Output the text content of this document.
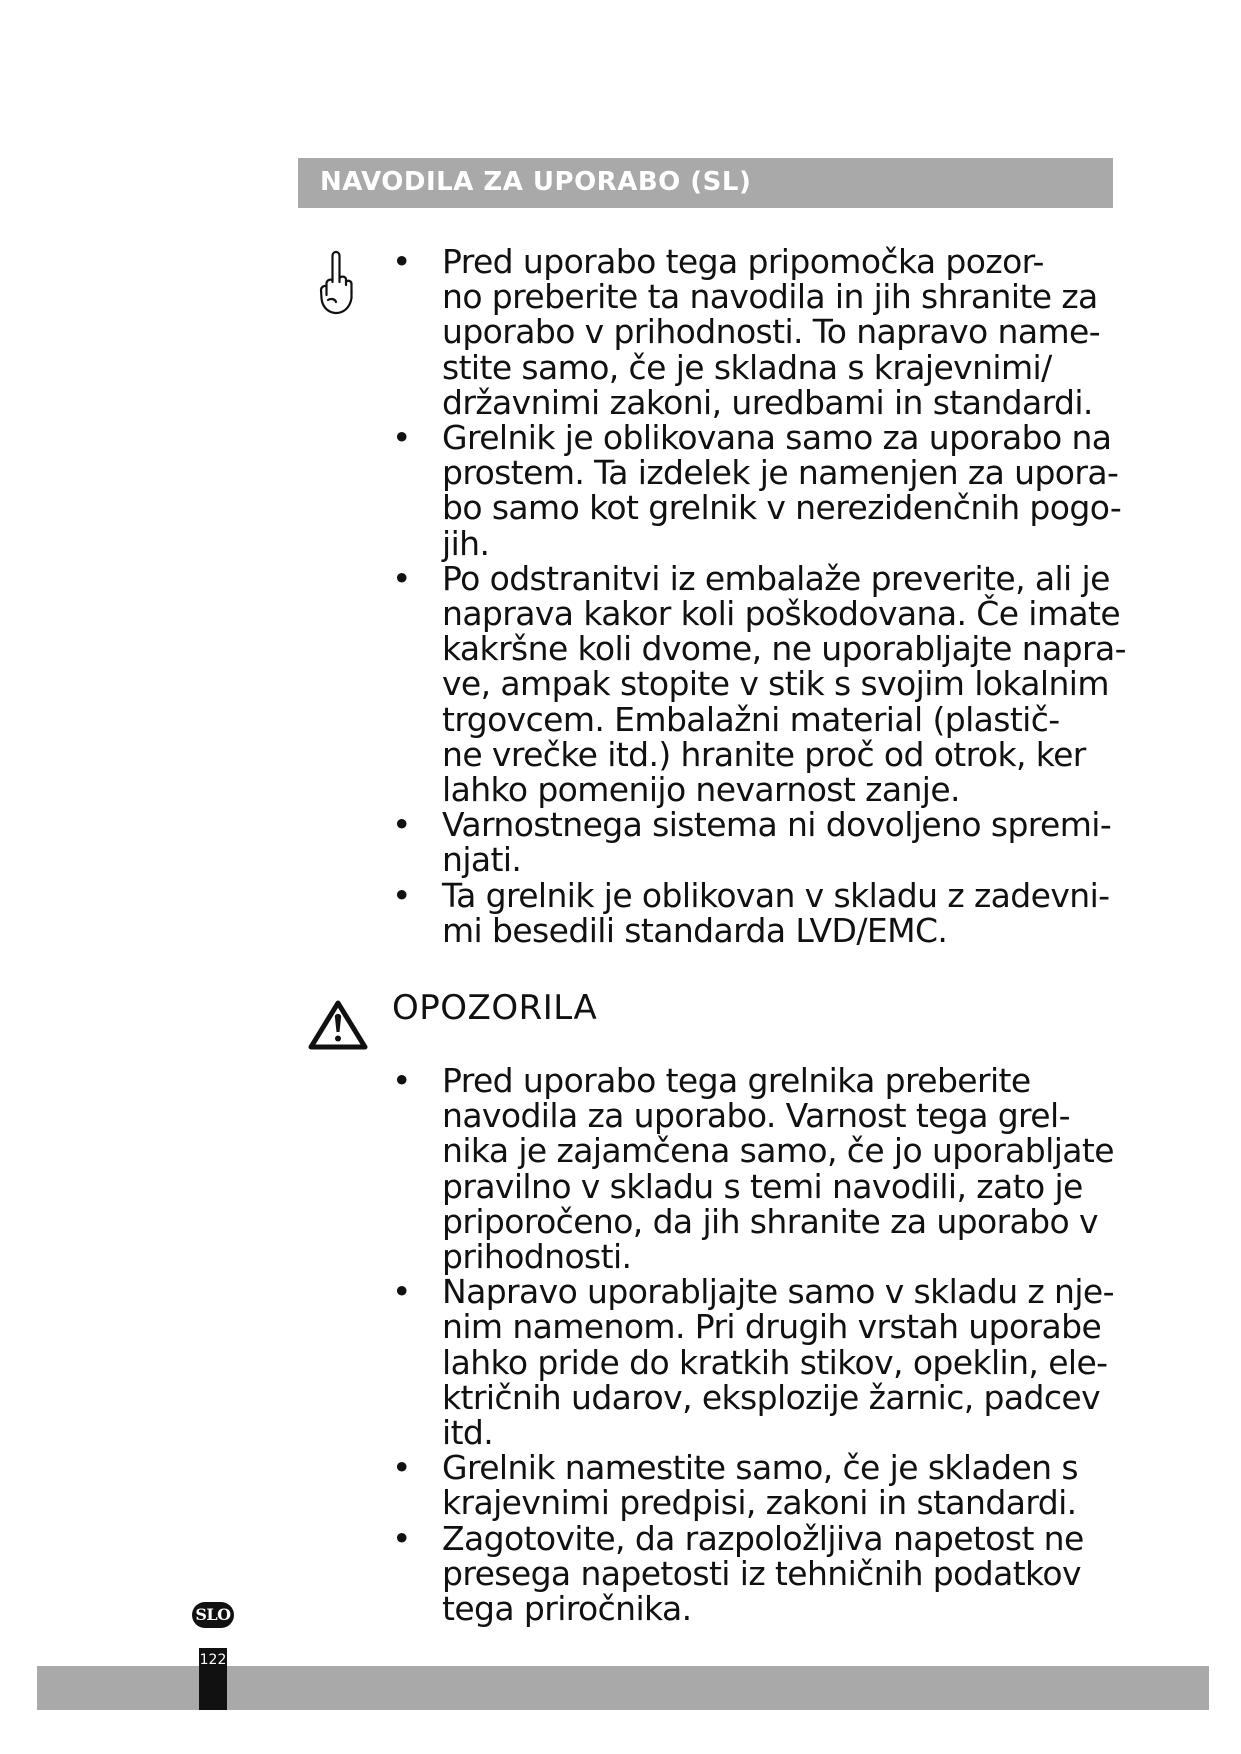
NAVODILA ZA UPORABO (SL)
• Pred uporabo tega pripomočka pozor-
no preberite ta navodila in jih shranite za
uporabo v prihodnosti. To napravo name-
stite samo, če je skladna s krajevnimi/
državnimi zakoni, uredbami in standardi.
• Grelnik je oblikovana samo za uporabo na
prostem. Ta izdelek je namenjen za upora-
bo samo kot grelnik v nerezidenčnih pogo-
jih.
• Po odstranitvi iz embalaže preverite, ali je
naprava kakor koli poškodovana. Če imate
kakršne koli dvome, ne uporabljajte napra-
ve, ampak stopite v stik s svojim lokalnim
trgovcem. Embalažni material (plastič-
ne vrečke itd.) hranite proč od otrok, ker
lahko pomenijo nevarnost zanje.
• Varnostnega sistema ni dovoljeno spremi-
njati.
• Ta grelnik je oblikovan v skladu z zadevni-
mi besedili standarda LVD/EMC.
OPOZORILA
• Pred uporabo tega grelnika preberite
navodila za uporabo. Varnost tega grel-
nika je zajamčena samo, če jo uporabljate
pravilno v skladu s temi navodili, zato je
priporočeno, da jih shranite za uporabo v
prihodnosti.
• Napravo uporabljajte samo v skladu z nje-
nim namenom. Pri drugih vrstah uporabe
lahko pride do kratkih stikov, opeklin, ele-
ktričnih udarov, eksplozije žarnic, padcev
itd.
• Grelnik namestite samo, če je skladen s
krajevnimi predpisi, zakoni in standardi.
• Zagotovite, da razpoložljiva napetost ne
presega napetosti iz tehničnih podatkov
tega priročnika.
SLO
122
